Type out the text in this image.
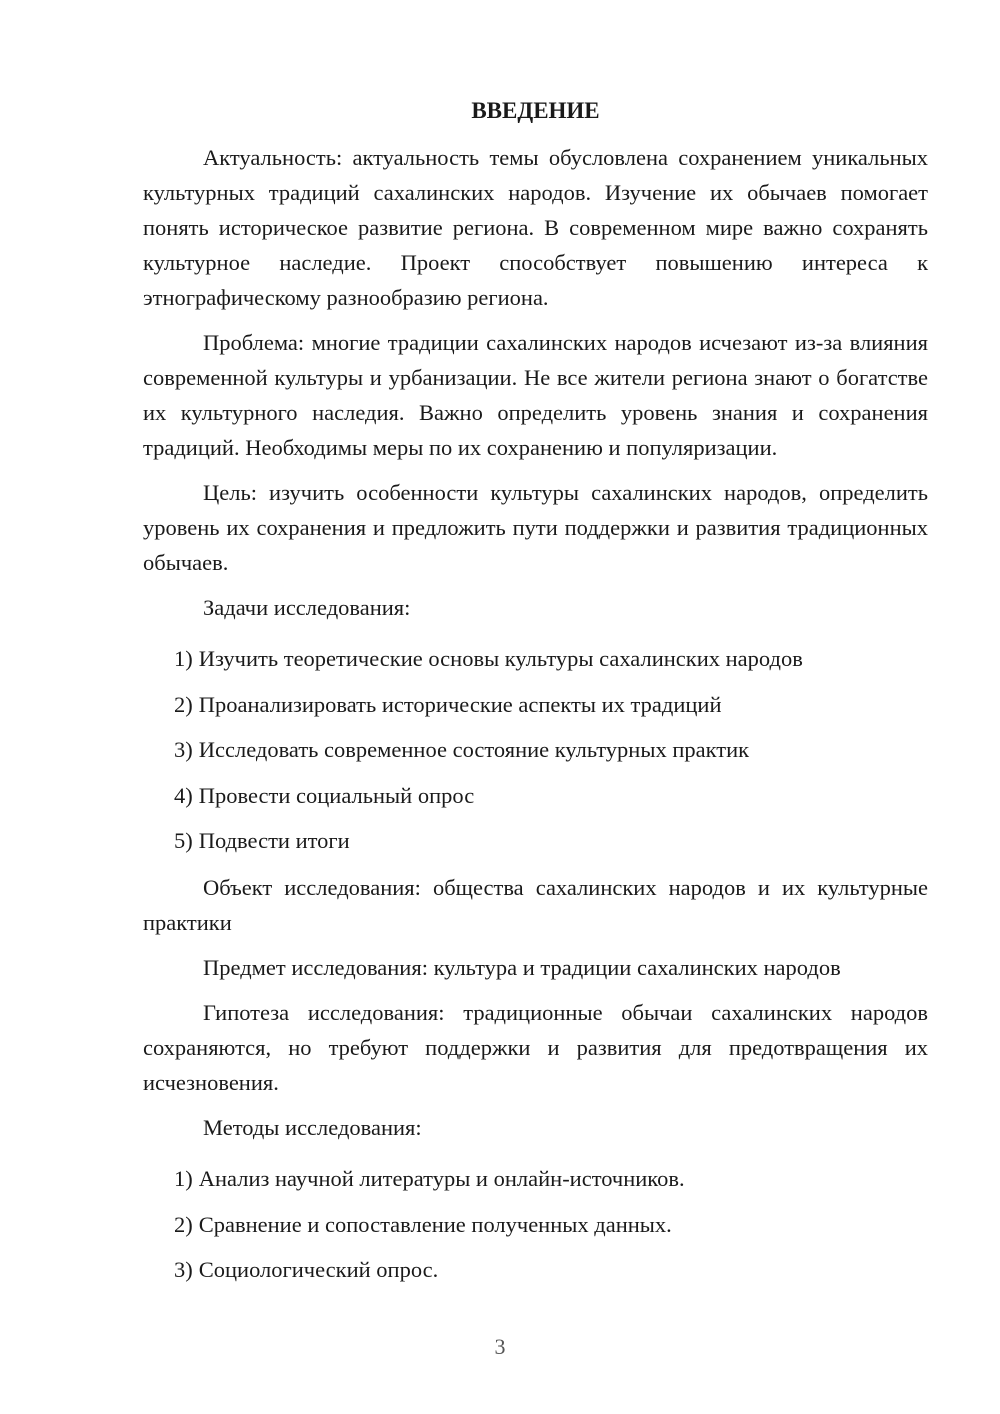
ВВЕДЕНИЕ

Актуальность: актуальность темы обусловлена сохранением уникальных культурных традиций сахалинских народов. Изучение их обычаев помогает понять историческое развитие региона. В современном мире важно сохранять культурное наследие. Проект способствует повышению интереса к этнографическому разнообразию региона.

Проблема: многие традиции сахалинских народов исчезают из-за влияния современной культуры и урбанизации. Не все жители региона знают о богатстве их культурного наследия. Важно определить уровень знания и сохранения традиций. Необходимы меры по их сохранению и популяризации.

Цель: изучить особенности культуры сахалинских народов, определить уровень их сохранения и предложить пути поддержки и развития традиционных обычаев.

Задачи исследования:

1) Изучить теоретические основы культуры сахалинских народов
2) Проанализировать исторические аспекты их традиций
3) Исследовать современное состояние культурных практик
4) Провести социальный опрос
5) Подвести итоги

Объект исследования: общества сахалинских народов и их культурные практики

Предмет исследования: культура и традиции сахалинских народов

Гипотеза исследования: традиционные обычаи сахалинских народов сохраняются, но требуют поддержки и развития для предотвращения их исчезновения.

Методы исследования:

1) Анализ научной литературы и онлайн-источников.
2) Сравнение и сопоставление полученных данных.
3) Социологический опрос.
3
